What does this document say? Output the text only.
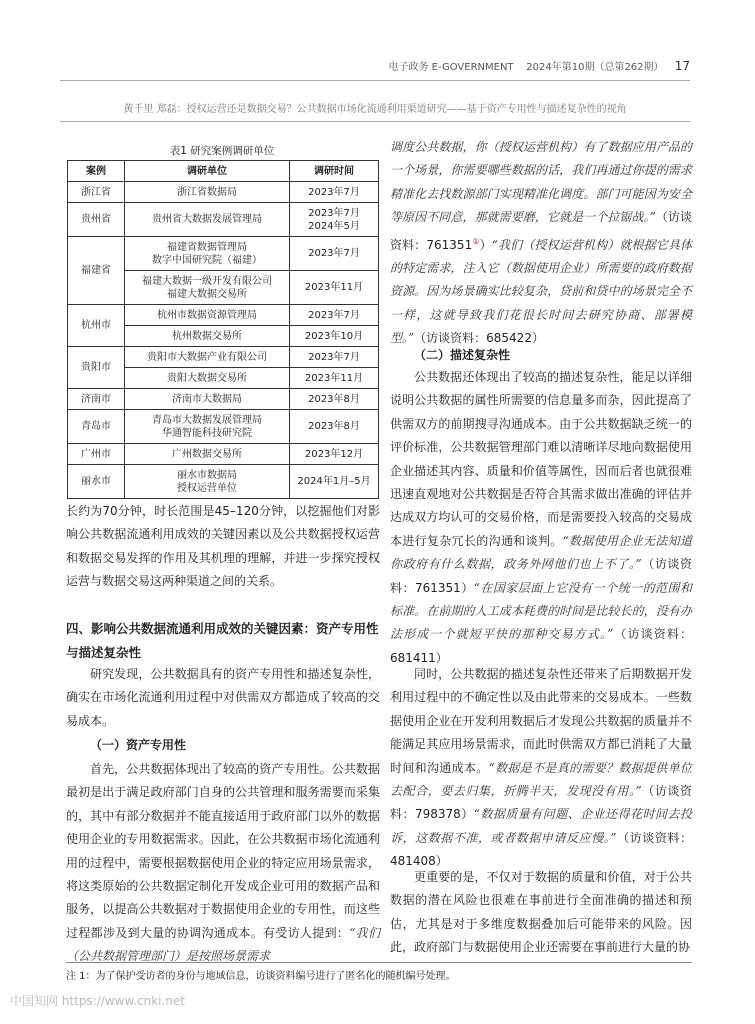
电子政务 E-GOVERNMENT 2024年第10期（总第262期） 17
黄千里 郑磊：授权运营还是数据交易？公共数据市场化流通利用渠道研究——基于资产专用性与描述复杂性的视角
表1 研究案例调研单位
案例	调研单位	调研时间
浙江省	浙江省数据局	2023年7月

贵州省	贵州省大数据发展管理局	2023年7月
2024年5月

福建省	福建省数据管理局
数字中国研究院（福建）	2023年7月

	福建大数据一级开发有限公司
福建大数据交易所	2023年11月

杭州市	杭州市数据资源管理局	2023年7月

	杭州数据交易所	2023年10月

贵阳市	贵阳市大数据产业有限公司	2023年7月

	贵阳大数据交易所	2023年11月

济南市	济南市大数据局	2023年8月

青岛市	青岛市大数据发展管理局
华通智能科技研究院	2023年8月

广州市	广州数据交易所	2023年12月

丽水市	丽水市数据局
授权运营单位	2024年1月–5月

长约为70分钟，时长范围是45–120分钟，以挖掘他们对影响公共数据流通利用成效的关键因素以及公共数据授权运营和数据交易发挥的作用及其机理的理解，并进一步探究授权运营与数据交易这两种渠道之间的关系。

四、影响公共数据流通利用成效的关键因素：资产专用性与描述复杂性

研究发现，公共数据具有的资产专用性和描述复杂性，确实在市场化流通利用过程中对供需双方都造成了较高的交易成本。

（一）资产专用性

首先，公共数据体现出了较高的资产专用性。公共数据最初是出于满足政府部门自身的公共管理和服务需要而采集的，其中有部分数据并不能直接适用于政府部门以外的数据使用企业的专用数据需求。因此，在公共数据市场化流通利用的过程中，需要根据数据使用企业的特定应用场景需求，将这类原始的公共数据定制化开发成企业可用的数据产品和服务，以提高公共数据对于数据使用企业的专用性，而这些过程都涉及到大量的协调沟通成本。有受访人提到：“我们（公共数据管理部门）是按照场景需求

调度公共数据，你（授权运营机构）有了数据应用产品的一个场景，你需要哪些数据的话，我们再通过你提的需求精准化去找数源部门实现精准化调度。部门可能因为安全等原因不同意，那就需要磨，它就是一个拉锯战。”（访谈资料：761351①）“我们（授权运营机构）就根据它具体的特定需求，注入它（数据使用企业）所需要的政府数据资源。因为场景确实比较复杂，贷前和贷中的场景完全不一样，这就导致我们花很长时间去研究协商、部署模型。”（访谈资料：685422）

（二）描述复杂性

公共数据还体现出了较高的描述复杂性，能足以详细说明公共数据的属性所需要的信息量多而杂，因此提高了供需双方的前期搜寻沟通成本。由于公共数据缺乏统一的评价标准，公共数据管理部门难以清晰详尽地向数据使用企业描述其内容、质量和价值等属性，因而后者也就很难迅速直观地对公共数据是否符合其需求做出准确的评估并达成双方均认可的交易价格，而是需要投入较高的交易成本进行复杂冗长的沟通和谈判。“数据使用企业无法知道你政府有什么数据，政务外网他们也上不了。”（访谈资料：761351）“在国家层面上它没有一个统一的范围和标准。在前期的人工成本耗费的时间是比较长的，没有办法形成一个就短平快的那种交易方式。”（访谈资料：681411）

同时，公共数据的描述复杂性还带来了后期数据开发利用过程中的不确定性以及由此带来的交易成本。一些数据使用企业在开发利用数据后才发现公共数据的质量并不能满足其应用场景需求，而此时供需双方都已消耗了大量时间和沟通成本。“数据是不是真的需要？数据提供单位去配合，要去归集，折腾半天，发现没有用。”（访谈资料：798378）“数据质量有问题、企业还得花时间去投诉，这数据不准，或者数据申请反应慢。”（访谈资料：481408）

更重要的是，不仅对于数据的质量和价值，对于公共数据的潜在风险也很难在事前进行全面准确的描述和预估，尤其是对于多维度数据叠加后可能带来的风险。因此，政府部门与数据使用企业还需要在事前进行大量的协

注 1：为了保护受访者的身份与地域信息，访谈资料编号进行了匿名化的随机编号处理。
中国知网 https://www.cnki.net
